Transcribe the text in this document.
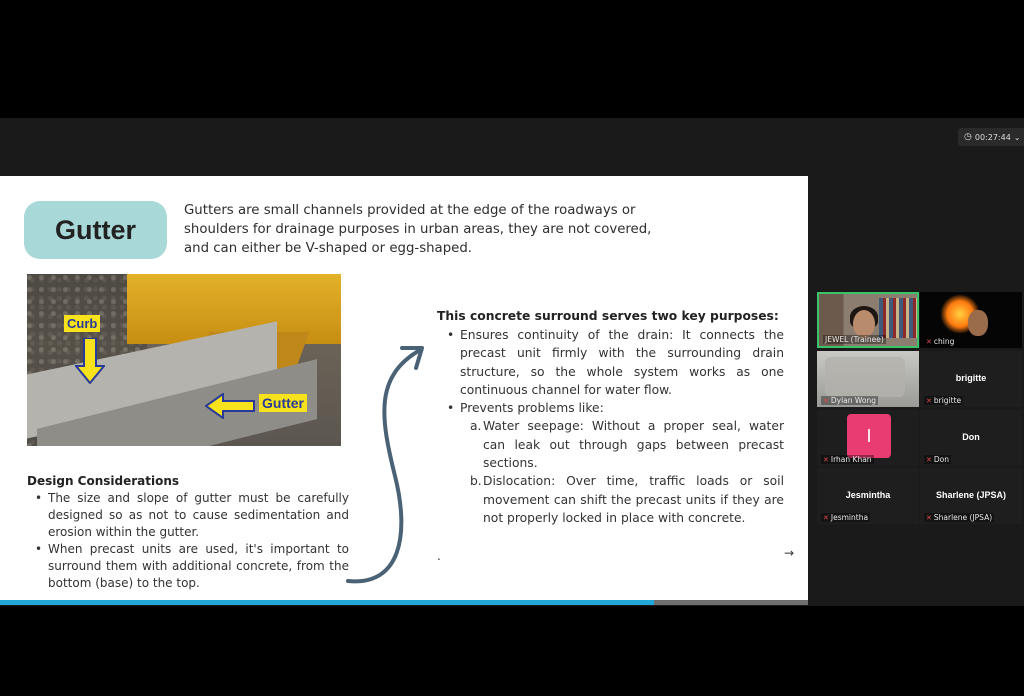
◷ 00:27:44 ⌄
Gutter
Gutters are small channels provided at the edge of the roadways or shoulders for drainage purposes in urban areas, they are not covered, and can either be V-shaped or egg-shaped.
Curb
Gutter
Design Considerations
• The size and slope of gutter must be carefully designed so as not to cause sedimentation and erosion within the gutter.
• When precast units are used, it's important to surround them with additional concrete, from the bottom (base) to the top.
This concrete surround serves two key purposes:
• Ensures continuity of the drain: It connects the precast unit firmly with the surrounding drain structure, so the whole system works as one continuous channel for water flow.
• Prevents problems like:
a. Water seepage: Without a proper seal, water can leak out through gaps between precast sections.
b. Dislocation: Over time, traffic loads or soil movement can shift the precast units if they are not properly locked in place with concrete.
.	→
JEWEL (Trainee)	✕ ching
✕ Dylan Wong
brigitte
✕ brigitte
I
✕ Irhan Khan
Don
✕ Don
Jesmintha
✕ Jesmintha
Sharlene (JPSA)
✕ Sharlene (JPSA)
